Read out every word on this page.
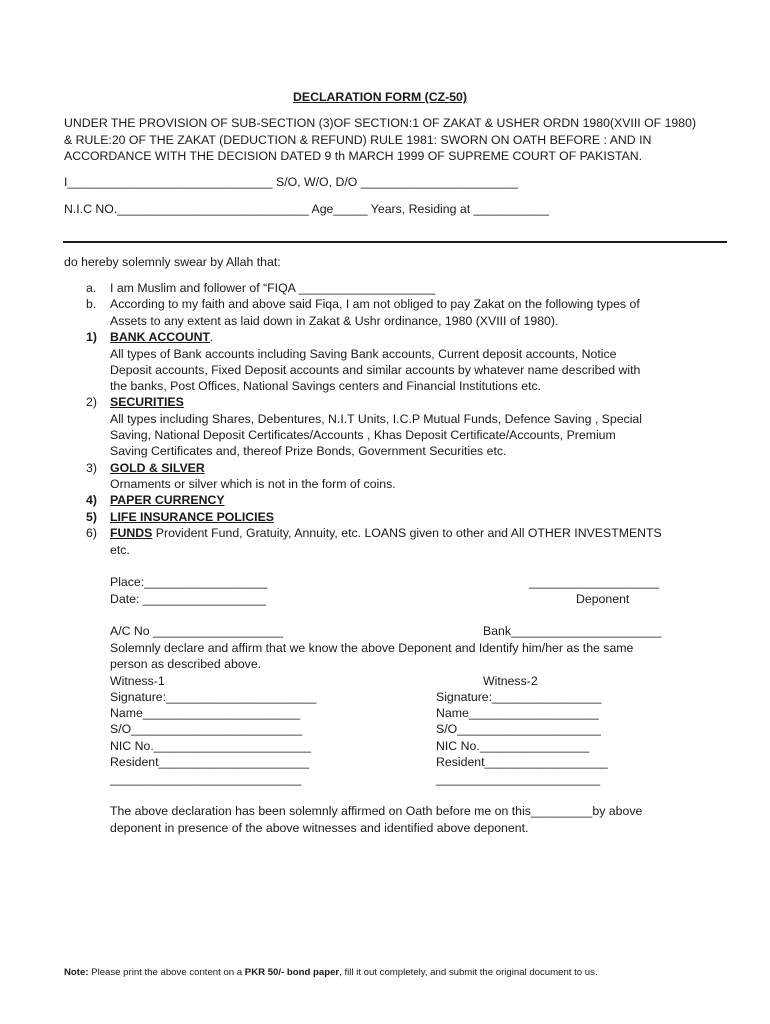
DECLARATION FORM (CZ-50)
UNDER THE PROVISION OF SUB-SECTION (3)OF SECTION:1 OF ZAKAT & USHER ORDN 1980(XVIII OF 1980)
& RULE:20 OF THE ZAKAT (DEDUCTION & REFUND) RULE 1981: SWORN ON OATH BEFORE : AND IN
ACCORDANCE WITH THE DECISION DATED 9 th MARCH 1999 OF SUPREME COURT OF PAKISTAN.
I______________________________ S/O, W/O, D/O _______________________
N.I.C NO.____________________________ Age_____ Years, Residing at ___________
do hereby solemnly swear by Allah that:
a. I am Muslim and follower of “FIQA ____________________
b. According to my faith and above said Fiqa, I am not obliged to pay Zakat on the following types of
Assets to any extent as laid down in Zakat & Ushr ordinance, 1980 (XVIII of 1980).
1) BANK ACCOUNT.
All types of Bank accounts including Saving Bank accounts, Current deposit accounts, Notice
Deposit accounts, Fixed Deposit accounts and similar accounts by whatever name described with
the banks, Post Offices, National Savings centers and Financial Institutions etc.
2) SECURITIES
All types including Shares, Debentures, N.I.T Units, I.C.P Mutual Funds, Defence Saving , Special
Saving, National Deposit Certificates/Accounts , Khas Deposit Certificate/Accounts, Premium
Saving Certificates and, thereof Prize Bonds, Government Securities etc.
3) GOLD & SILVER
Ornaments or silver which is not in the form of coins.
4) PAPER CURRENCY
5) LIFE INSURANCE POLICIES
6) FUNDS Provident Fund, Gratuity, Annuity, etc. LOANS given to other and All OTHER INVESTMENTS
etc.
Place:__________________
Date: __________________
___________________
Deponent
A/C No ___________________	Bank______________________
Solemnly declare and affirm that we know the above Deponent and Identify him/her as the same
person as described above.
Witness-1
Signature:______________________
Name_______________________
S/O_________________________
NIC No._______________________
Resident______________________
____________________________
Witness-2
Signature:________________
Name___________________
S/O_____________________
NIC No.________________
Resident__________________
________________________
The above declaration has been solemnly affirmed on Oath before me on this_________by above
deponent in presence of the above witnesses and identified above deponent.
Note: Please print the above content on a PKR 50/- bond paper, fill it out completely, and submit the original document to us.
